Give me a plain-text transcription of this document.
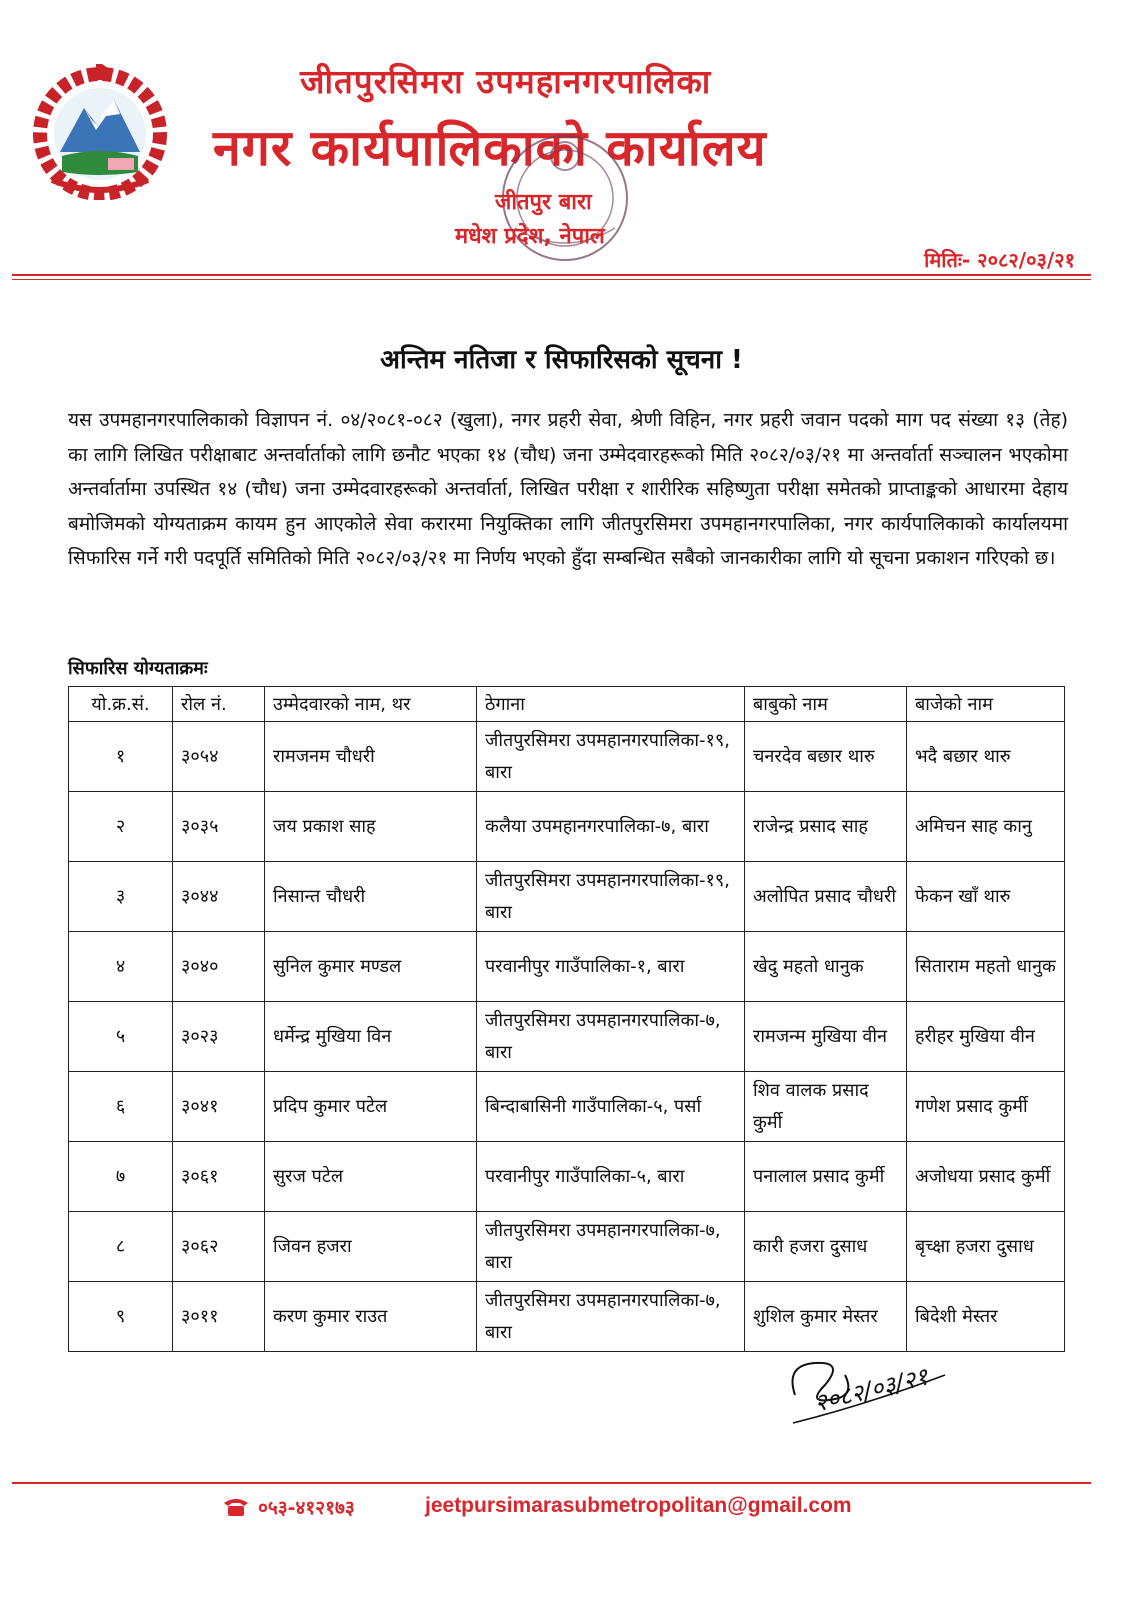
जीतपुरसिमरा उपमहानगरपालिका
नगर कार्यपालिकाको कार्यालय
जीतपुर बारा
मधेश प्रदेश, नेपाल
मितिः- २०८२/०३/२१
अन्तिम नतिजा र सिफारिसको सूचना !
यस उपमहानगरपालिकाको विज्ञापन नं. ०४/२०८१-०८२ (खुला), नगर प्रहरी सेवा, श्रेणी विहिन, नगर प्रहरी जवान पदको माग पद संख्या १३ (तेह) का लागि लिखित परीक्षाबाट अन्तर्वार्ताको लागि छनौट भएका १४ (चौध) जना उम्मेदवारहरूको मिति २०८२/०३/२१ मा अन्तर्वार्ता सञ्चालन भएकोमा अन्तर्वार्तामा उपस्थित १४ (चौध) जना उम्मेदवारहरूको अन्तर्वार्ता, लिखित परीक्षा र शारीरिक सहिष्णुता परीक्षा समेतको प्राप्ताङ्कको आधारमा देहाय बमोजिमको योग्यताक्रम कायम हुन आएकोले सेवा करारमा नियुक्तिका लागि जीतपुरसिमरा उपमहानगरपालिका, नगर कार्यपालिकाको कार्यालयमा सिफारिस गर्ने गरी पदपूर्ति समितिको मिति २०८२/०३/२१ मा निर्णय भएको हुँदा सम्बन्धित सबैको जानकारीका लागि यो सूचना प्रकाशन गरिएको छ।
सिफारिस योग्यताक्रमः
यो.क्र.सं.	रोल नं.	उम्मेदवारको नाम, थर	ठेगाना	बाबुको नाम	बाजेको नाम
१	३०५४	रामजनम चौधरी	जीतपुरसिमरा उपमहानगरपालिका-१९, बारा	चनरदेव बछार थारु	भदै बछार थारु
२	३०३५	जय प्रकाश साह	कलैया उपमहानगरपालिका-७, बारा	राजेन्द्र प्रसाद साह	अमिचन साह कानु
३	३०४४	निसान्त चौधरी	जीतपुरसिमरा उपमहानगरपालिका-१९, बारा	अलोपित प्रसाद चौधरी	फेकन खाँ थारु
४	३०४०	सुनिल कुमार मण्डल	परवानीपुर गाउँपालिका-१, बारा	खेदु महतो धानुक	सिताराम महतो धानुक
५	३०२३	धर्मेन्द्र मुखिया विन	जीतपुरसिमरा उपमहानगरपालिका-७, बारा	रामजन्म मुखिया वीन	हरीहर मुखिया वीन
६	३०४१	प्रदिप कुमार पटेल	बिन्दाबासिनी गाउँपालिका-५, पर्सा	शिव वालक प्रसाद कुर्मी	गणेश प्रसाद कुर्मी
७	३०६१	सुरज पटेल	परवानीपुर गाउँपालिका-५, बारा	पनालाल प्रसाद कुर्मी	अजोधया प्रसाद कुर्मी
८	३०६२	जिवन हजरा	जीतपुरसिमरा उपमहानगरपालिका-७, बारा	कारी हजरा दुसाध	बृच्क्षा हजरा दुसाध
९	३०११	करण कुमार राउत	जीतपुरसिमरा उपमहानगरपालिका-७, बारा	शुशिल कुमार मेस्तर	बिदेशी मेस्तर
२०८२/०३/२१
०५३-४१२१७३	jeetpursimarasubmetropolitan@gmail.com
